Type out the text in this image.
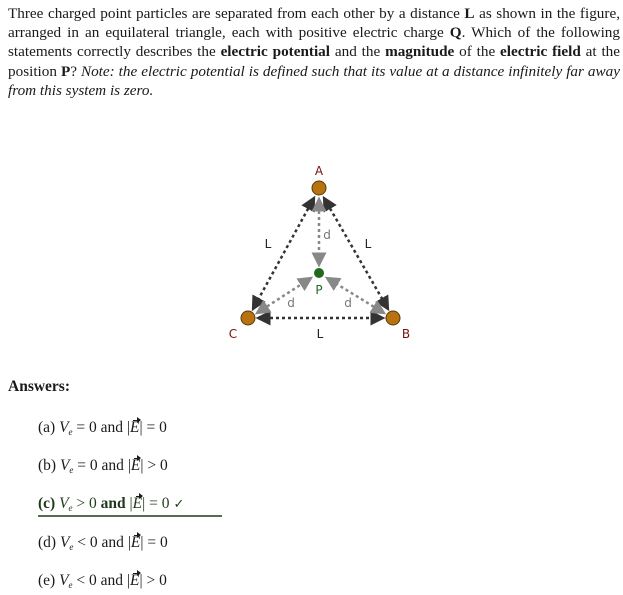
Three charged point particles are separated from each other by a distance L as shown in the figure, arranged in an equilateral triangle, each with positive electric charge Q. Which of the following statements correctly describes the electric potential and the magnitude of the electric field at the position P? Note: the electric potential is defined such that its value at a distance infinitely far away from this system is zero.
A
C	B
P
L	L
L
d
d	d
Answers:
(a) $V_e = 0$ and |E| = 0
(b) $V_e = 0$ and |E| > 0
(c) $V_e > 0$ and |E| = 0 ✓
(d) $V_e < 0$ and |E| = 0
(e) $V_e < 0$ and |E| > 0
